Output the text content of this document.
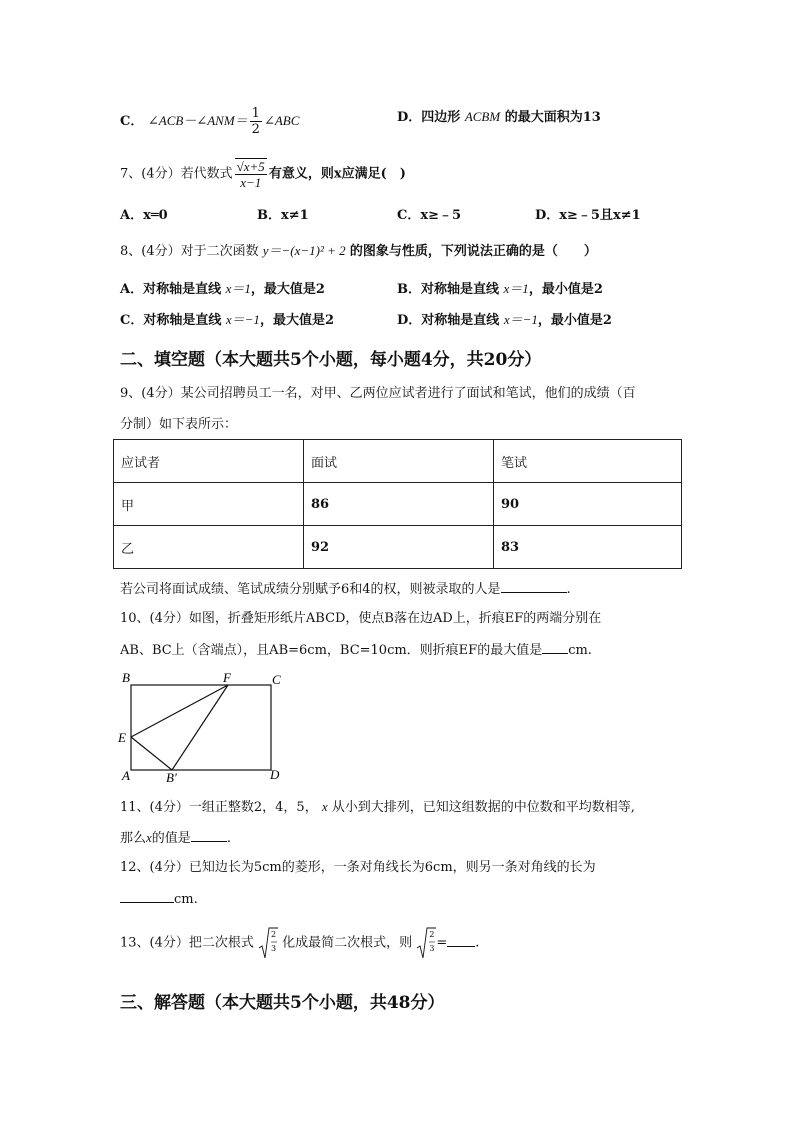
C． ∠ACB－∠ANM＝ $\frac{1}{2}$ ∠ABC	D．四边形 ACBM 的最大面积为13
7、(4分）若代数式 $\frac{√x+5}{x-1}$ 有意义，则x应满足(　)
A．x═0	B．x≠1	C．x≥﹣5	D．x≥﹣5且x≠1
8、(4分）对于二次函数 y＝−(x−1)² + 2 的图象与性质，下列说法正确的是（　　）
A．对称轴是直线 x＝1，最大值是2	B．对称轴是直线 x＝1，最小值是2
C．对称轴是直线 x＝−1，最大值是2	D．对称轴是直线 x＝−1，最小值是2
二、填空题（本大题共5个小题，每小题4分，共20分）
9、(4分）某公司招聘员工一名，对甲、乙两位应试者进行了面试和笔试，他们的成绩（百
分制）如下表所示：
应试者	面试	笔试
甲	86	90
乙	92	83
若公司将面试成绩、笔试成绩分别赋予6和4的权，则被录取的人是	.
10、(4分）如图，折叠矩形纸片ABCD，使点B落在边AD上，折痕EF的两端分别在
AB、BC上（含端点），且AB=6cm，BC=10cm．则折痕EF的最大值是 cm.
B	F	C
E
A	B′	D
11、(4分）一组正整数2，4，5， x 从小到大排列，已知这组数据的中位数和平均数相等,
那么x的值是	.
12、(4分）已知边长为5cm的菱形，一条对角线长为6cm，则另一条对角线的长为
cm.
13、(4分）把二次根式
2
3 化成最简二次根式，则
2
3 = .
三、解答题（本大题共5个小题，共48分）
